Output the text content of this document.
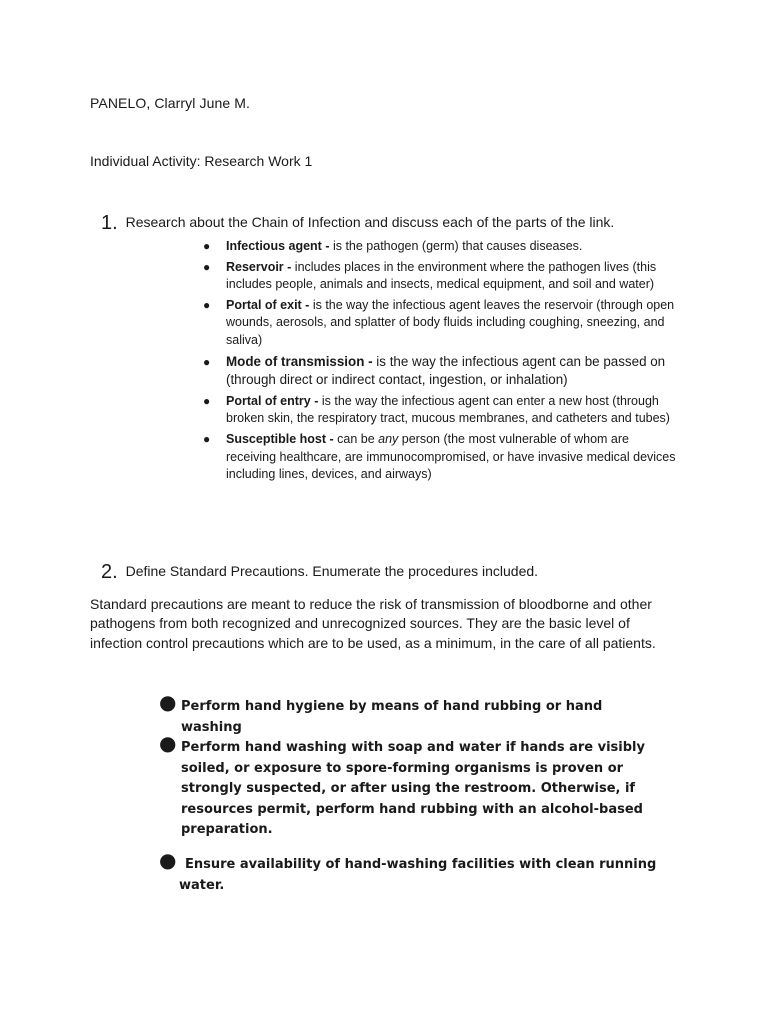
PANELO, Clarryl June M.
Individual Activity: Research Work 1
1. Research about the Chain of Infection and discuss each of the parts of the link.
● Infectious agent - is the pathogen (germ) that causes diseases.
● Reservoir - includes places in the environment where the pathogen lives (this includes people, animals and insects, medical equipment, and soil and water)
● Portal of exit - is the way the infectious agent leaves the reservoir (through open wounds, aerosols, and splatter of body fluids including coughing, sneezing, and saliva)
● Mode of transmission - is the way the infectious agent can be passed on (through direct or indirect contact, ingestion, or inhalation)
● Portal of entry - is the way the infectious agent can enter a new host (through broken skin, the respiratory tract, mucous membranes, and catheters and tubes)
● Susceptible host - can be any person (the most vulnerable of whom are receiving healthcare, are immunocompromised, or have invasive medical devices including lines, devices, and airways)
2. Define Standard Precautions. Enumerate the procedures included.

Standard precautions are meant to reduce the risk of transmission of bloodborne and other pathogens from both recognized and unrecognized sources. They are the basic level of infection control precautions which are to be used, as a minimum, in the care of all patients.

● Perform hand hygiene by means of hand rubbing or hand washing
● Perform hand washing with soap and water if hands are visibly soiled, or exposure to spore-forming organisms is proven or strongly suspected, or after using the restroom. Otherwise, if resources permit, perform hand rubbing with an alcohol-based preparation.
● Ensure availability of hand-washing facilities with clean running
water.
